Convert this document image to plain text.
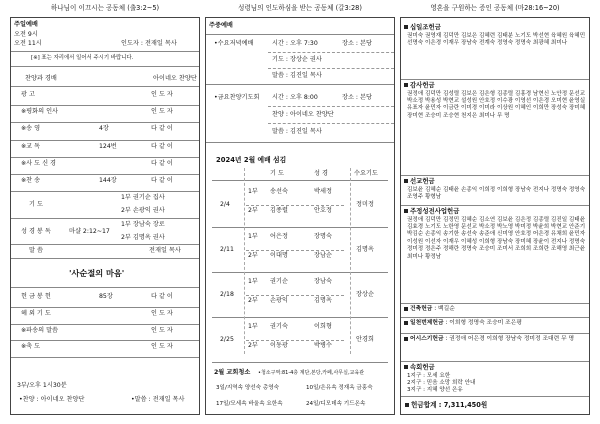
하나님이 이끄시는 공동체 (출3:2~5)
주일예배
오전 9시
오전 11시	인도자 : 전재일 목사
[※] 표는 자리에서 일어서 주시기 바랍니다.
찬양과 경배	아이네오 찬양단
광 고	인 도 자
※평화의 인사	인 도 자
※송 영	4장	다 같 이
※교 독	124번	다 같 이
※사 도 신 경	다 같 이
※찬 송	144장	다 같 이
기 도
1부 권기순 집사
2부 손광익 권사
성 경 봉 독	마샬 2:12~17
1부 장남숙 장로
2부 김명옥 권사
말 씀	전재일 목사
'사순절의 마음'
헌 금 봉 헌	85장	다 같 이
헤 외 기 도	인 도 자
※파송의 말씀	인 도 자
※축 도	인 도 자
3부/오후 1시30분
•찬양 : 아이네오 찬양단	•말씀 : 전재일 목사
성령님의 인도하심을 받는 공동체 (갈3:28)
주중예배
•수요저녁예배	시간 : 오후 7:30	장소 : 본당
기도 : 장상순 권사
말씀 : 김진일 목사
•금요찬양기도회 시간 : 오후 8:00	장소 : 본당
찬양 : 아이네오 찬양단
말씀 : 김진일 목사
2024년 2월 예배 섬김
기 도	성 경	수요기도
2/4
1부 송선숙	박세정
2부 김종렬	안호정
정미정
2/11
1부 어은정	장명숙
2부 이대명	장남순
김명옥
2/18
1부 권기순	장남숙
2부 손광익	김명옥
장상순
2/25
1부 권기숙	이희형
2부 이동광	박병수
안경희
2월 교회청소 •청소구역:81-4층 계단,본당,카페,사무실,교육관
3일/지역속 양선숙 총영숙	10일/은유속 정재옥 금홍숙
17일/모세속 바울속 요한속	24일/디모데속 기드온속
영혼을 구원하는 증인 공동체 (마28:16~20)
십일조헌금
권미숙 권영재 김덕만 김보은 김혜련 김태분 노기도 박선현 육혜원 육혜민 선명숙 이은경 이재우 장남숙 전계숙 정영숙 정명숙 최광혜 최미나
감사헌금
권정애 김덕만 김성렬 김보은 김은형 김종렬 김홍경 남현신 노안정 문선교 박소정 박용성 박현교 설성원 안호정 이수광 이영선 이은경 오미현 윤영실 유표자 윤민자 이금란 이미경 이미라 이상원 이혜인 이희만 장성숙 장미혜 장미현 조승미 조승현 천지은 최미나 무 명
선교헌금
김보윤 김혜순 김태윤 손종익 이희정 이희형 장남숙 전지나 정명숙 정영숙 조영주 황형남
주정성전사업헌금
권정애 김덕만 김정민 김혜순 김소연 김보윤 김은정 김종렬 김진일 김태윤 김효경 노기도 노한영 문선교 박소정 박노영 박미정 박윤희 박현교 안준기 박김순 손종익 송기한 송선숙 송준애 신미영 안호정 어은경 유채희 윤민자 이성원 이선자 이재우 이혜성 이희형 장남숙 장미혜 장윤이 전지나 정명숙 정미정 정은주 정해란 정명숙 조승미 조미서 조희희 조희란 조해영 최근윤 최미나 황정남
건축헌금 : 백길순
일천번제헌금 : 이희형 정명숙 조승미 조은평
어시스기헌금 : 권정애 어은경 이희형 장남숙 정미정 조대련 무 명
속회헌금
1지구 : 모세 요한
2지구 : 믿음 소망 희락 안내
3지구 : 지혜 양선 은유
헌금합계 : 7,311,450원
